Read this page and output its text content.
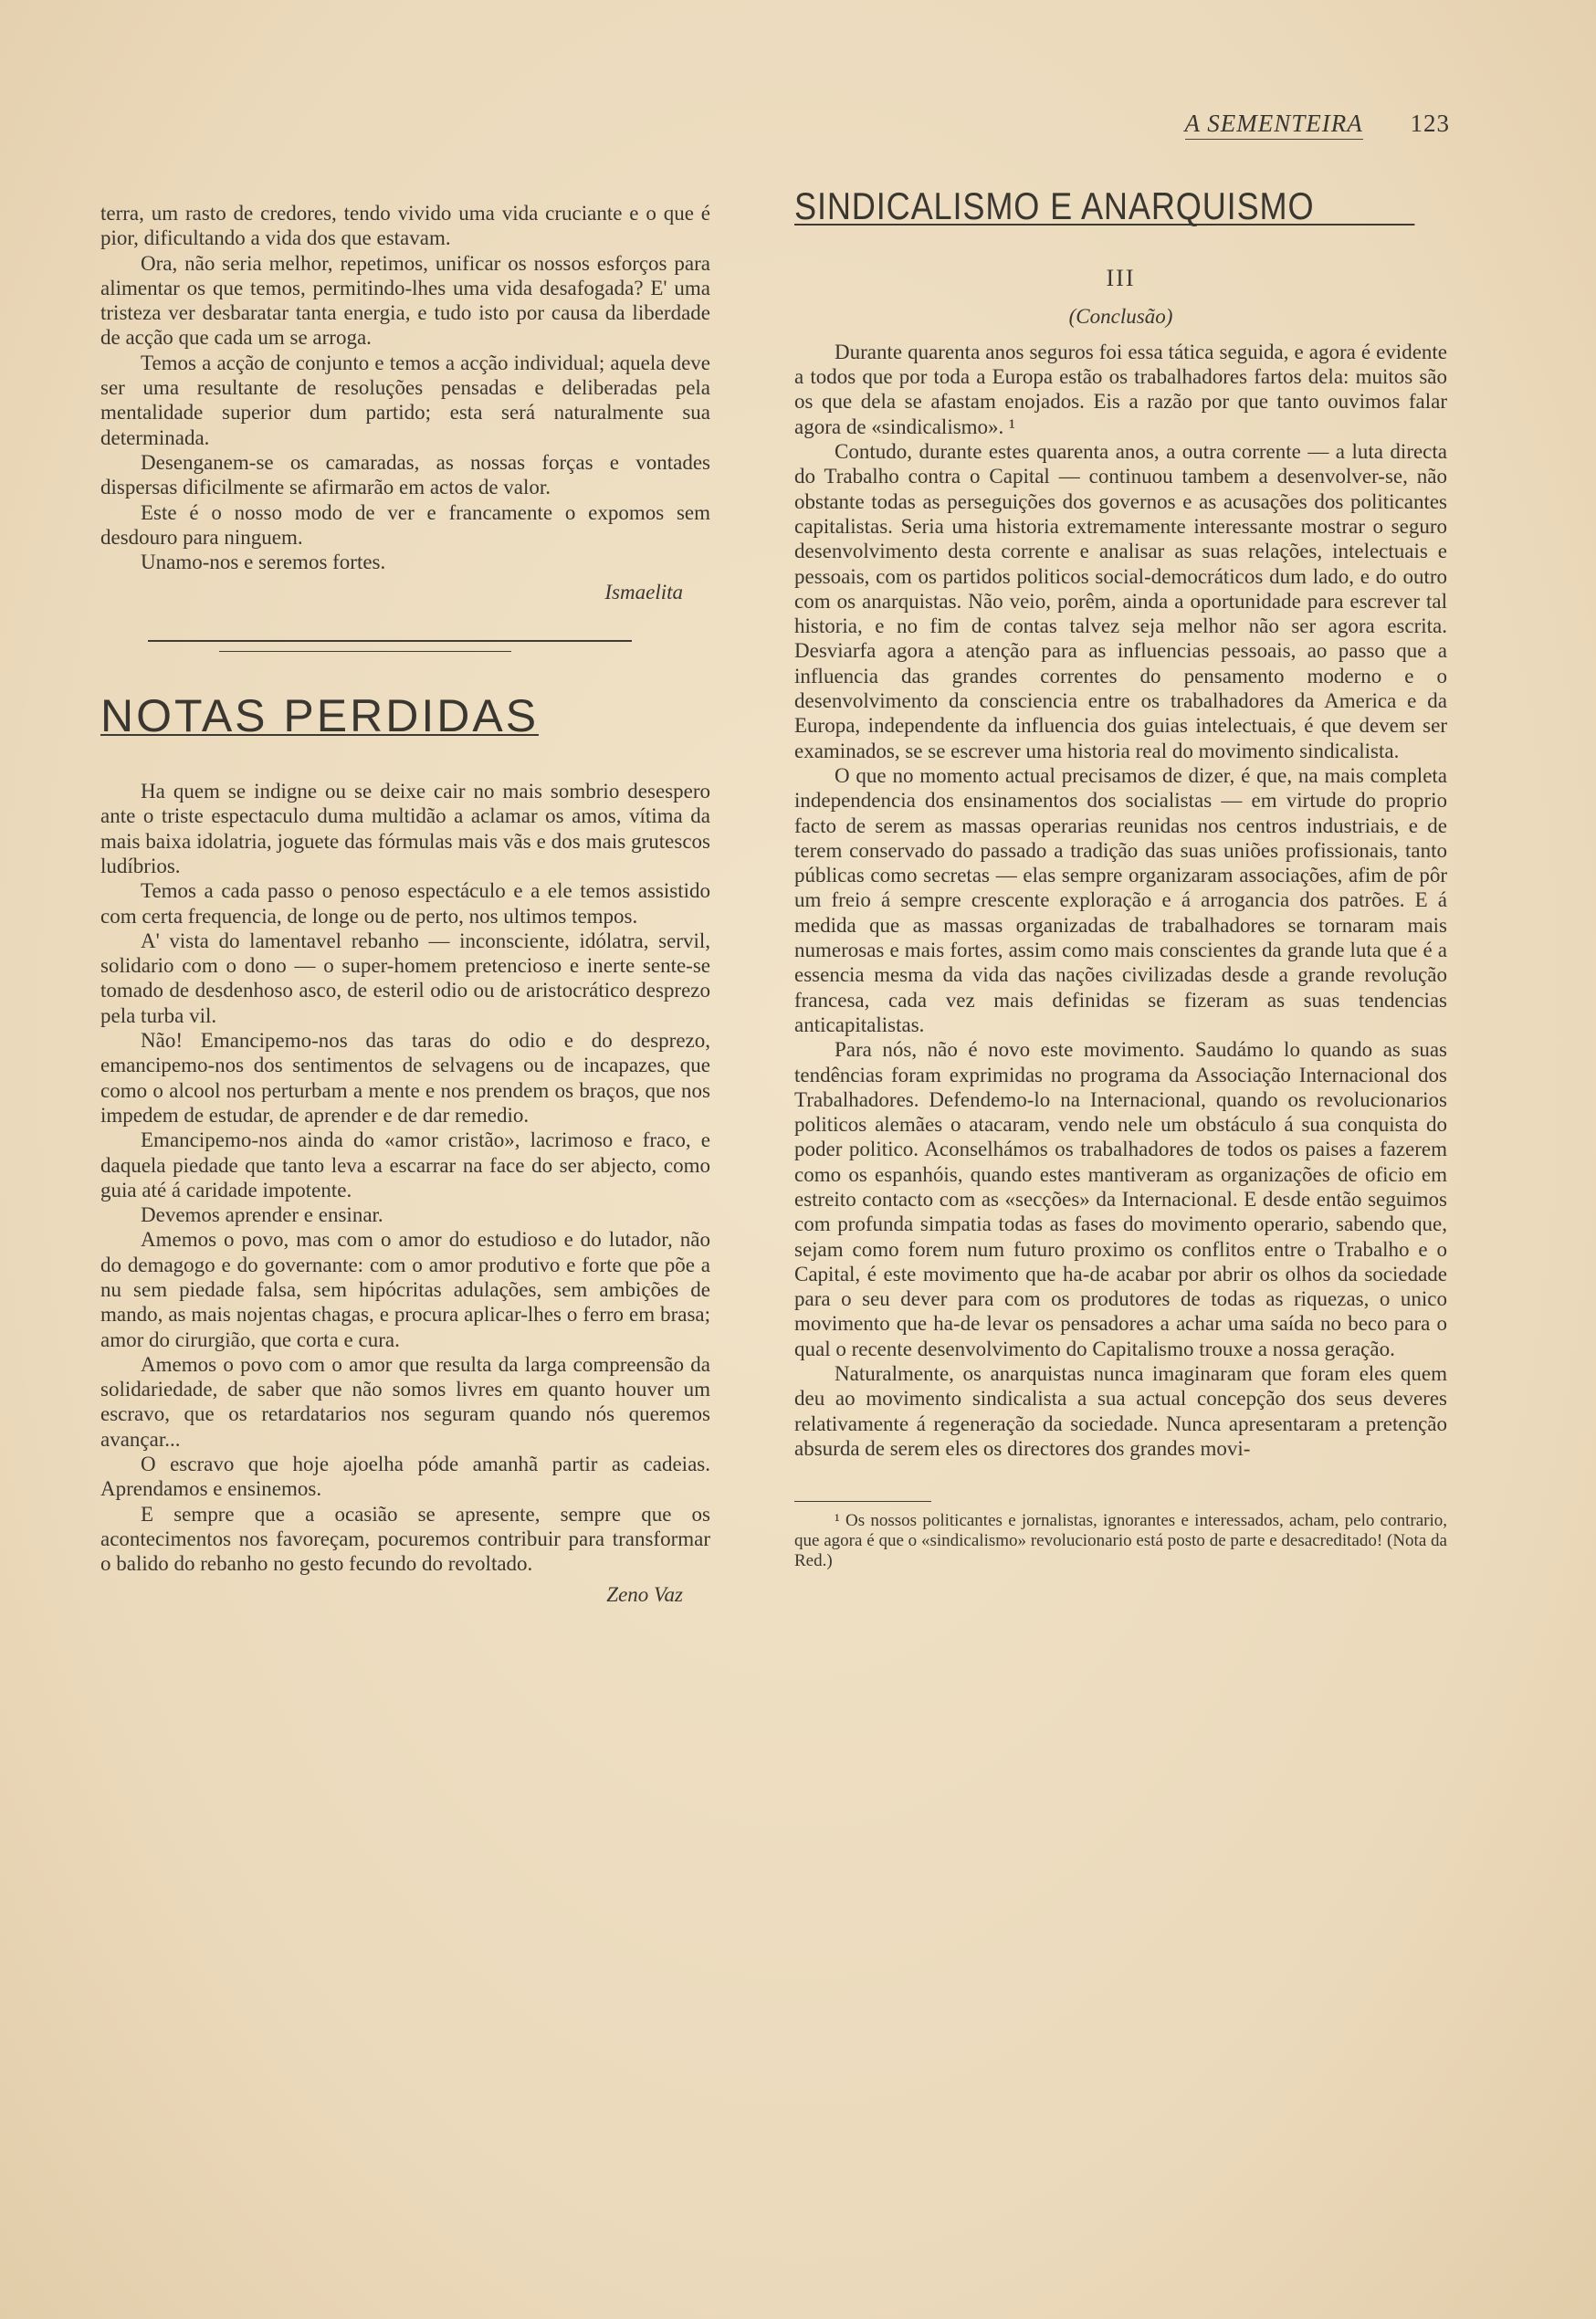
A SEMENTEIRA 123

terra, um rasto de credores, tendo vivido uma vida cruciante e o que é pior, dificultando a vida dos que estavam.

Ora, não seria melhor, repetimos, unificar os nossos esforços para alimentar os que temos, permitindo-lhes uma vida desafogada? E' uma tristeza ver desbaratar tanta energia, e tudo isto por causa da liberdade de acção que cada um se arroga.

Temos a acção de conjunto e temos a acção individual; aquela deve ser uma resultante de resoluções pensadas e deliberadas pela mentalidade superior dum partido; esta será naturalmente sua determinada.

Desenganem-se os camaradas, as nossas forças e vontades dispersas dificilmente se afirmarão em actos de valor.

Este é o nosso modo de ver e francamente o expomos sem desdouro para ninguem.

Unamo-nos e seremos fortes.

Ismaelita
NOTAS PERDIDAS

Ha quem se indigne ou se deixe cair no mais sombrio desespero ante o triste espectaculo duma multidão a aclamar os amos, vítima da mais baixa idolatria, joguete das fórmulas mais vãs e dos mais grutescos ludíbrios.

Temos a cada passo o penoso espectáculo e a ele temos assistido com certa frequencia, de longe ou de perto, nos ultimos tempos.

A' vista do lamentavel rebanho — inconsciente, idólatra, servil, solidario com o dono — o super-homem pretencioso e inerte sente-se tomado de desdenhoso asco, de esteril odio ou de aristocrático desprezo pela turba vil.

Não! Emancipemo-nos das taras do odio e do desprezo, emancipemo-nos dos sentimentos de selvagens ou de incapazes, que como o alcool nos perturbam a mente e nos prendem os braços, que nos impedem de estudar, de aprender e de dar remedio.

Emancipemo-nos ainda do «amor cristão», lacrimoso e fraco, e daquela piedade que tanto leva a escarrar na face do ser abjecto, como guia até á caridade impotente.

Devemos aprender e ensinar.

Amemos o povo, mas com o amor do estudioso e do lutador, não do demagogo e do governante: com o amor produtivo e forte que põe a nu sem piedade falsa, sem hipócritas adulações, sem ambições de mando, as mais nojentas chagas, e procura aplicar-lhes o ferro em brasa; amor do cirurgião, que corta e cura.

Amemos o povo com o amor que resulta da larga compreensão da solidariedade, de saber que não somos livres em quanto houver um escravo, que os retardatarios nos seguram quando nós queremos avançar...

O escravo que hoje ajoelha póde amanhã partir as cadeias. Aprendamos e ensinemos.

E sempre que a ocasião se apresente, sempre que os acontecimentos nos favoreçam, pocuremos contribuir para transformar o balido do rebanho no gesto fecundo do revoltado.

Zeno Vaz
SINDICALISMO E ANARQUISMO
III
(Conclusão)

Durante quarenta anos seguros foi essa tática seguida, e agora é evidente a todos que por toda a Europa estão os trabalhadores fartos dela: muitos são os que dela se afastam enojados. Eis a razão por que tanto ouvimos falar agora de «sindicalismo». ¹

Contudo, durante estes quarenta anos, a outra corrente — a luta directa do Trabalho contra o Capital — continuou tambem a desenvolver-se, não obstante todas as perseguições dos governos e as acusações dos politicantes capitalistas. Seria uma historia extremamente interessante mostrar o seguro desenvolvimento desta corrente e analisar as suas relações, intelectuais e pessoais, com os partidos politicos social-democráticos dum lado, e do outro com os anarquistas. Não veio, porêm, ainda a oportunidade para escrever tal historia, e no fim de contas talvez seja melhor não ser agora escrita. Desviarfa agora a atenção para as influencias pessoais, ao passo que a influencia das grandes correntes do pensamento moderno e o desenvolvimento da consciencia entre os trabalhadores da America e da Europa, independente da influencia dos guias intelectuais, é que devem ser examinados, se se escrever uma historia real do movimento sindicalista.

O que no momento actual precisamos de dizer, é que, na mais completa independencia dos ensinamentos dos socialistas — em virtude do proprio facto de serem as massas operarias reunidas nos centros industriais, e de terem conservado do passado a tradição das suas uniões profissionais, tanto públicas como secretas — elas sempre organizaram associações, afim de pôr um freio á sempre crescente exploração e á arrogancia dos patrões. E á medida que as massas organizadas de trabalhadores se tornaram mais numerosas e mais fortes, assim como mais conscientes da grande luta que é a essencia mesma da vida das nações civilizadas desde a grande revolução francesa, cada vez mais definidas se fizeram as suas tendencias anticapitalistas.

Para nós, não é novo este movimento. Saudámo lo quando as suas tendências foram exprimidas no programa da Associação Internacional dos Trabalhadores. Defendemo-lo na Internacional, quando os revolucionarios politicos alemães o atacaram, vendo nele um obstáculo á sua conquista do poder politico. Aconselhámos os trabalhadores de todos os paises a fazerem como os espanhóis, quando estes mantiveram as organizações de oficio em estreito contacto com as «secções» da Internacional. E desde então seguimos com profunda simpatia todas as fases do movimento operario, sabendo que, sejam como forem num futuro proximo os conflitos entre o Trabalho e o Capital, é este movimento que ha-de acabar por abrir os olhos da sociedade para o seu dever para com os produtores de todas as riquezas, o unico movimento que ha-de levar os pensadores a achar uma saída no beco para o qual o recente desenvolvimento do Capitalismo trouxe a nossa geração.

Naturalmente, os anarquistas nunca imaginaram que foram eles quem deu ao movimento sindicalista a sua actual concepção dos seus deveres relativamente á regeneração da sociedade. Nunca apresentaram a pretenção absurda de serem eles os directores dos grandes movi-

¹ Os nossos politicantes e jornalistas, ignorantes e interessados, acham, pelo contrario, que agora é que o «sindicalismo» revolucionario está posto de parte e desacreditado! (Nota da Red.)
